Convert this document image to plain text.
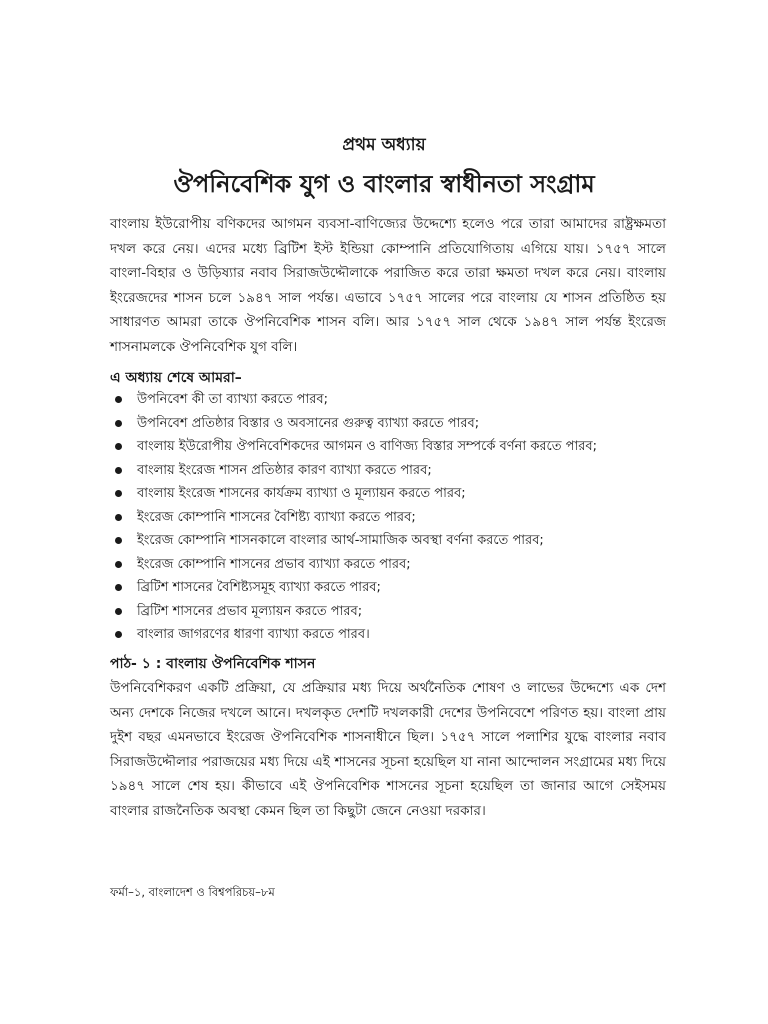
প্রথম অধ্যায়
ঔপনিবেশিক যুগ ও বাংলার স্বাধীনতা সংগ্রাম

বাংলায় ইউরোপীয় বণিকদের আগমন ব্যবসা-বাণিজ্যের উদ্দেশ্যে হলেও পরে তারা আমাদের রাষ্ট্রক্ষমতা দখল করে নেয়। এদের মধ্যে ব্রিটিশ ইস্ট ইন্ডিয়া কোম্পানি প্রতিযোগিতায় এগিয়ে যায়। ১৭৫৭ সালে বাংলা-বিহার ও উড়িষ্যার নবাব সিরাজউদ্দৌলাকে পরাজিত করে তারা ক্ষমতা দখল করে নেয়। বাংলায় ইংরেজদের শাসন চলে ১৯৪৭ সাল পর্যন্ত। এভাবে ১৭৫৭ সালের পরে বাংলায় যে শাসন প্রতিষ্ঠিত হয় সাধারণত আমরা তাকে ঔপনিবেশিক শাসন বলি। আর ১৭৫৭ সাল থেকে ১৯৪৭ সাল পর্যন্ত ইংরেজ শাসনামলকে ঔপনিবেশিক যুগ বলি।

এ অধ্যায় শেষে আমরা–
উপনিবেশ কী তা ব্যাখ্যা করতে পারব;
উপনিবেশ প্রতিষ্ঠার বিস্তার ও অবসানের গুরুত্ব ব্যাখ্যা করতে পারব;
বাংলায় ইউরোপীয় ঔপনিবেশিকদের আগমন ও বাণিজ্য বিস্তার সম্পর্কে বর্ণনা করতে পারব;
বাংলায় ইংরেজ শাসন প্রতিষ্ঠার কারণ ব্যাখ্যা করতে পারব;
বাংলায় ইংরেজ শাসনের কার্যক্রম ব্যাখ্যা ও মূল্যায়ন করতে পারব;
ইংরেজ কোম্পানি শাসনের বৈশিষ্ট্য ব্যাখ্যা করতে পারব;
ইংরেজ কোম্পানি শাসনকালে বাংলার আর্থ-সামাজিক অবস্থা বর্ণনা করতে পারব;
ইংরেজ কোম্পানি শাসনের প্রভাব ব্যাখ্যা করতে পারব;
ব্রিটিশ শাসনের বৈশিষ্ট্যসমূহ ব্যাখ্যা করতে পারব;
ব্রিটিশ শাসনের প্রভাব মূল্যায়ন করতে পারব;
বাংলার জাগরণের ধারণা ব্যাখ্যা করতে পারব।
পাঠ- ১ : বাংলায় ঔপনিবেশিক শাসন

উপনিবেশিকরণ একটি প্রক্রিয়া, যে প্রক্রিয়ার মধ্য দিয়ে অর্থনৈতিক শোষণ ও লাভের উদ্দেশ্যে এক দেশ অন্য দেশকে নিজের দখলে আনে। দখলকৃত দেশটি দখলকারী দেশের উপনিবেশে পরিণত হয়। বাংলা প্রায় দুইশ বছর এমনভাবে ইংরেজ ঔপনিবেশিক শাসনাধীনে ছিল। ১৭৫৭ সালে পলাশির যুদ্ধে বাংলার নবাব সিরাজউদ্দৌলার পরাজয়ের মধ্য দিয়ে এই শাসনের সূচনা হয়েছিল যা নানা আন্দোলন সংগ্রামের মধ্য দিয়ে ১৯৪৭ সালে শেষ হয়। কীভাবে এই ঔপনিবেশিক শাসনের সূচনা হয়েছিল তা জানার আগে সেইসময় বাংলার রাজনৈতিক অবস্থা কেমন ছিল তা কিছুটা জেনে নেওয়া দরকার।

ফর্মা–১, বাংলাদেশ ও বিশ্বপরিচয়–৮ম
